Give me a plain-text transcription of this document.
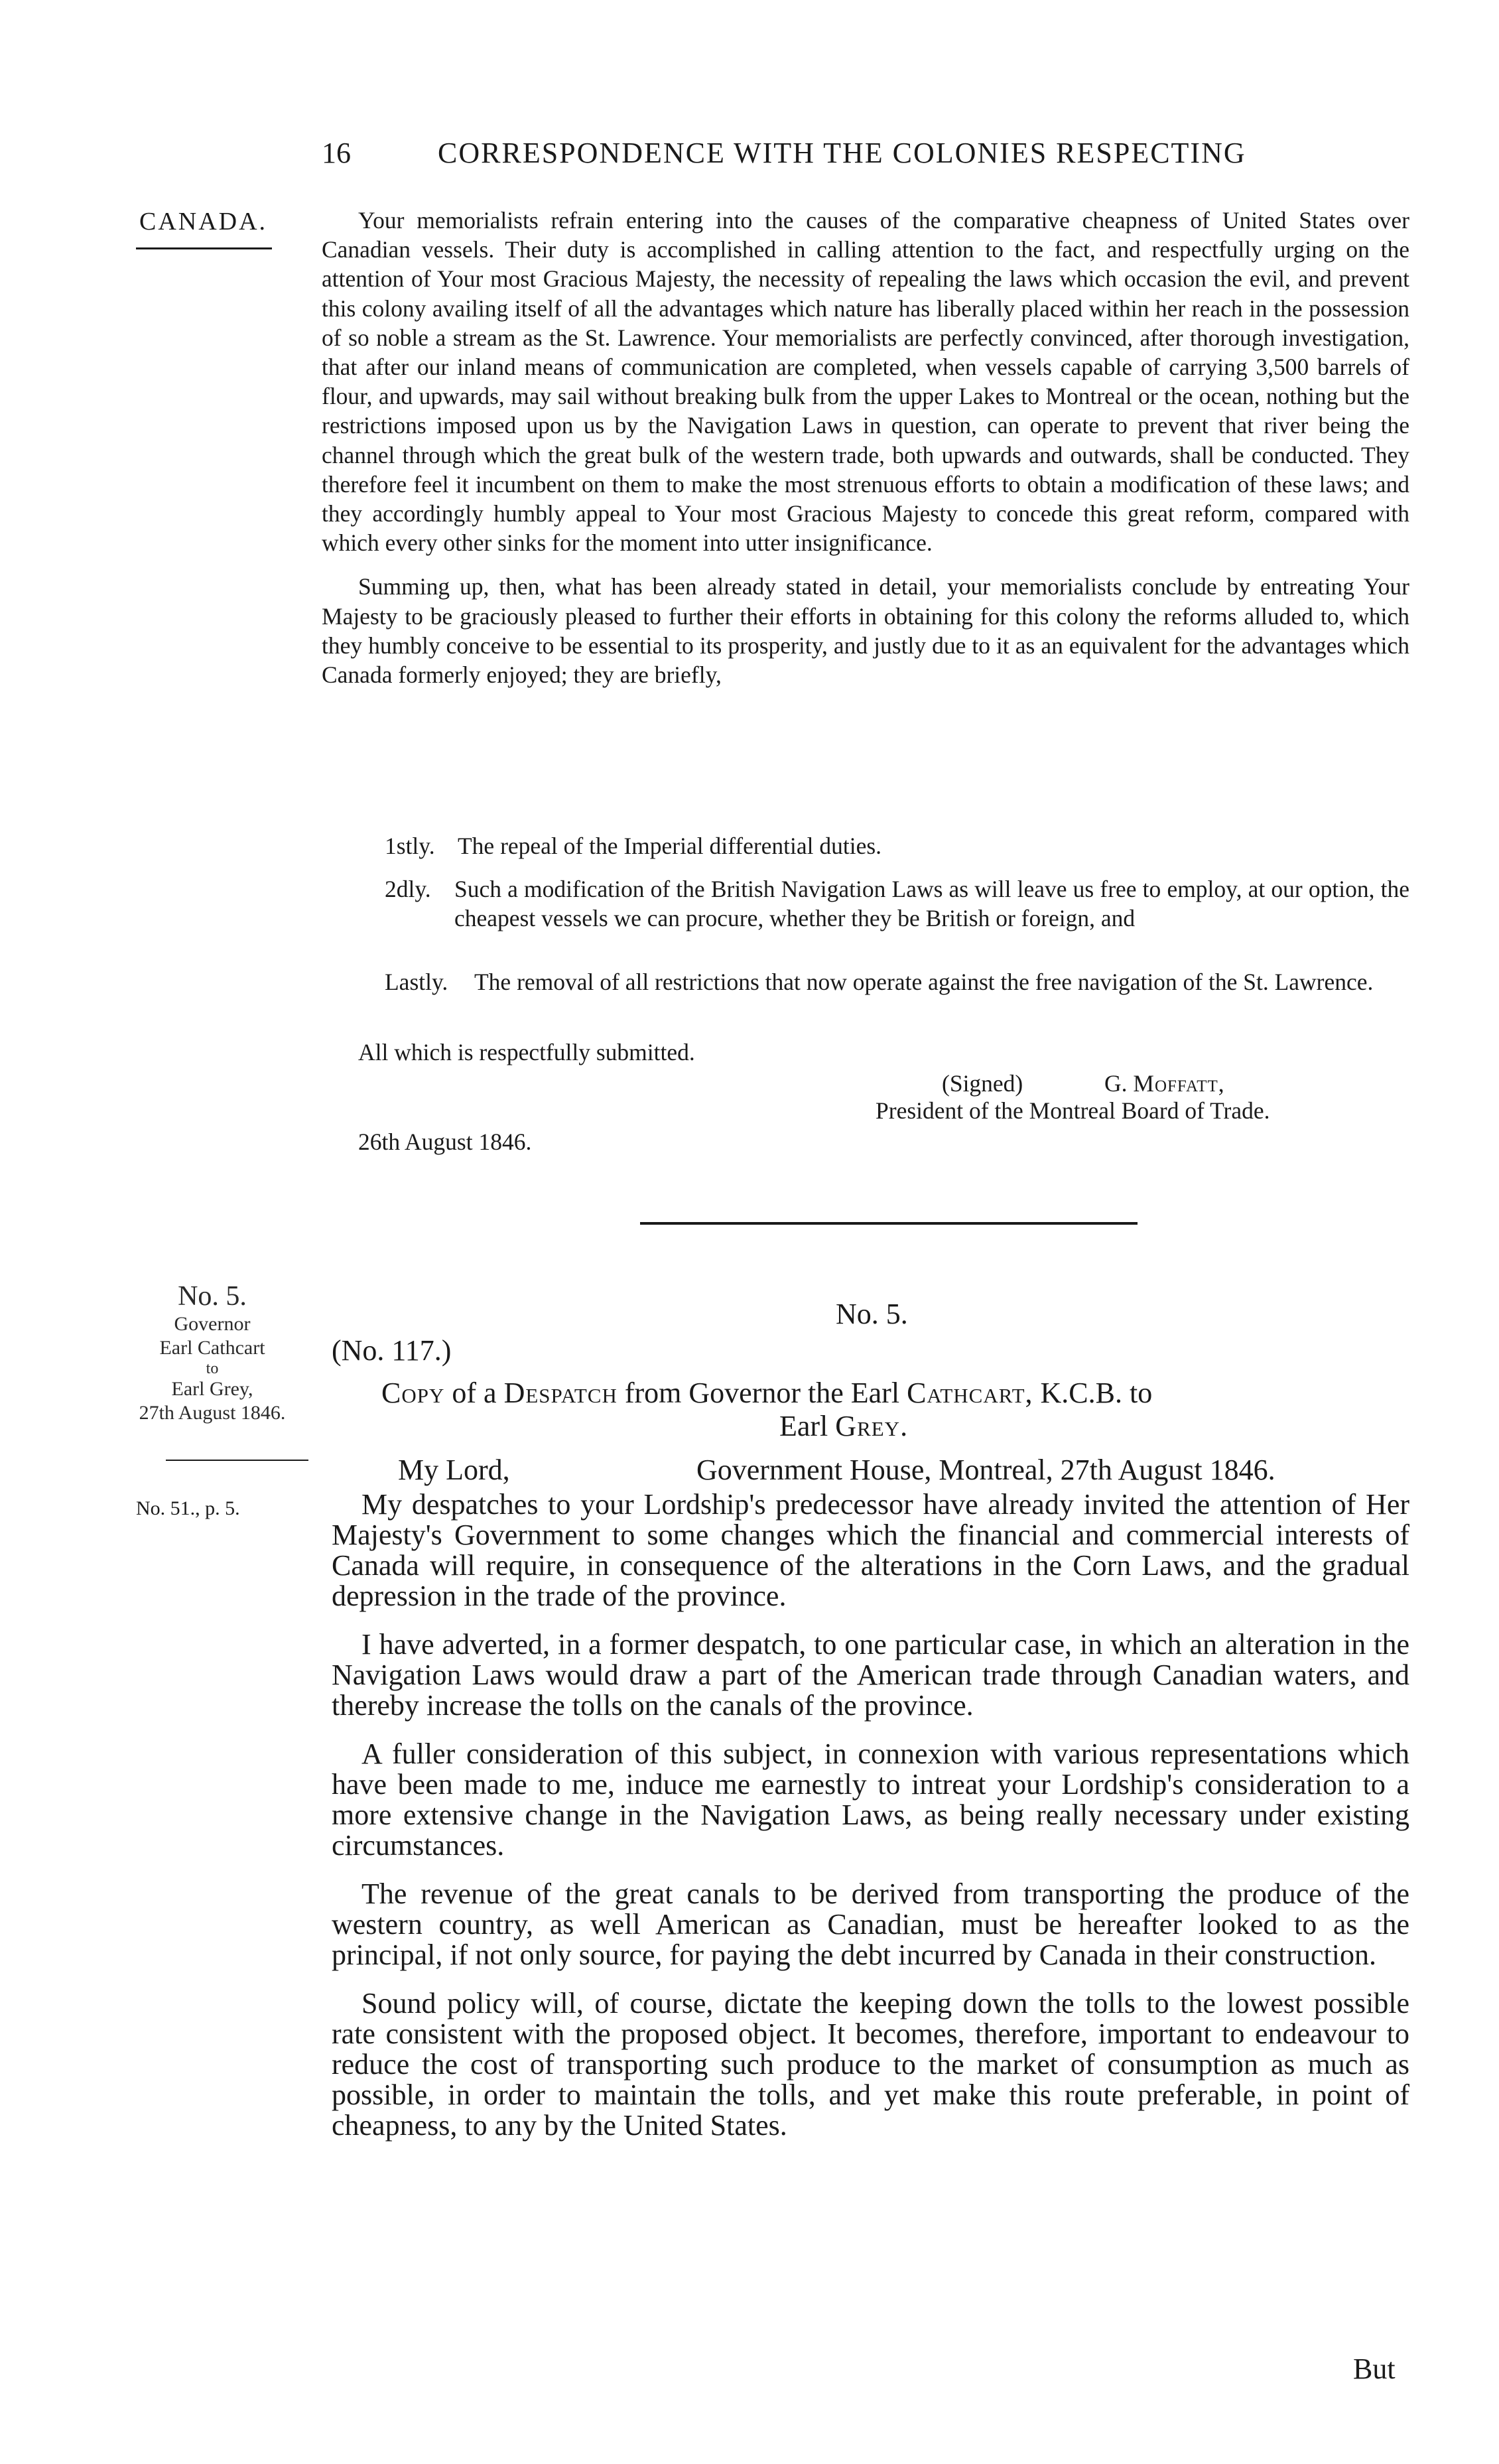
16	CORRESPONDENCE WITH THE COLONIES RESPECTING
CANADA.	Your memorialists refrain entering into the causes of the comparative cheapness of United States over Canadian vessels. Their duty is accomplished in calling attention to the fact, and respectfully urging on the attention of Your most Gracious Majesty, the necessity of repealing the laws which occasion the evil, and prevent this colony availing itself of all the advantages which nature has liberally placed within her reach in the possession of so noble a stream as the St. Lawrence. Your memorialists are perfectly convinced, after thorough investigation, that after our inland means of communication are completed, when vessels capable of carrying 3,500 barrels of flour, and upwards, may sail without breaking bulk from the upper Lakes to Montreal or the ocean, nothing but the restrictions imposed upon us by the Navigation Laws in question, can operate to prevent that river being the channel through which the great bulk of the western trade, both upwards and outwards, shall be conducted. They therefore feel it incumbent on them to make the most strenuous efforts to obtain a modification of these laws; and they accordingly humbly appeal to Your most Gracious Majesty to concede this great reform, compared with which every other sinks for the moment into utter insignificance.

Summing up, then, what has been already stated in detail, your memorialists conclude by entreating Your Majesty to be graciously pleased to further their efforts in obtaining for this colony the reforms alluded to, which they humbly conceive to be essential to its prosperity, and justly due to it as an equivalent for the advantages which Canada formerly enjoyed; they are briefly,

1stly. The repeal of the Imperial differential duties.
2dly. Such a modification of the British Navigation Laws as will leave us free to employ, at our option, the cheapest vessels we can procure, whether they be British or foreign, and
Lastly. The removal of all restrictions that now operate against the free navigation of the St. Lawrence.
All which is respectfully submitted.
(Signed)	G. Moffatt,
President of the Montreal Board of Trade.
26th August 1846.
No. 5.
Governor
Earl Cathcart
to
Earl Grey,
27th August 1846.
No. 51., p. 5.
No. 5.
(No. 117.)
Copy of a Despatch from Governor the Earl Cathcart, K.C.B. to
Earl Grey.
My Lord,	Government House, Montreal, 27th August 1846.

My despatches to your Lordship's predecessor have already invited the attention of Her Majesty's Government to some changes which the financial and commercial interests of Canada will require, in consequence of the alterations in the Corn Laws, and the gradual depression in the trade of the province.

I have adverted, in a former despatch, to one particular case, in which an alteration in the Navigation Laws would draw a part of the American trade through Canadian waters, and thereby increase the tolls on the canals of the province.

A fuller consideration of this subject, in connexion with various representations which have been made to me, induce me earnestly to intreat your Lordship's consideration to a more extensive change in the Navigation Laws, as being really necessary under existing circumstances.

The revenue of the great canals to be derived from transporting the produce of the western country, as well American as Canadian, must be hereafter looked to as the principal, if not only source, for paying the debt incurred by Canada in their construction.

Sound policy will, of course, dictate the keeping down the tolls to the lowest possible rate consistent with the proposed object. It becomes, therefore, important to endeavour to reduce the cost of transporting such produce to the market of consumption as much as possible, in order to maintain the tolls, and yet make this route preferable, in point of cheapness, to any by the United States.

But
